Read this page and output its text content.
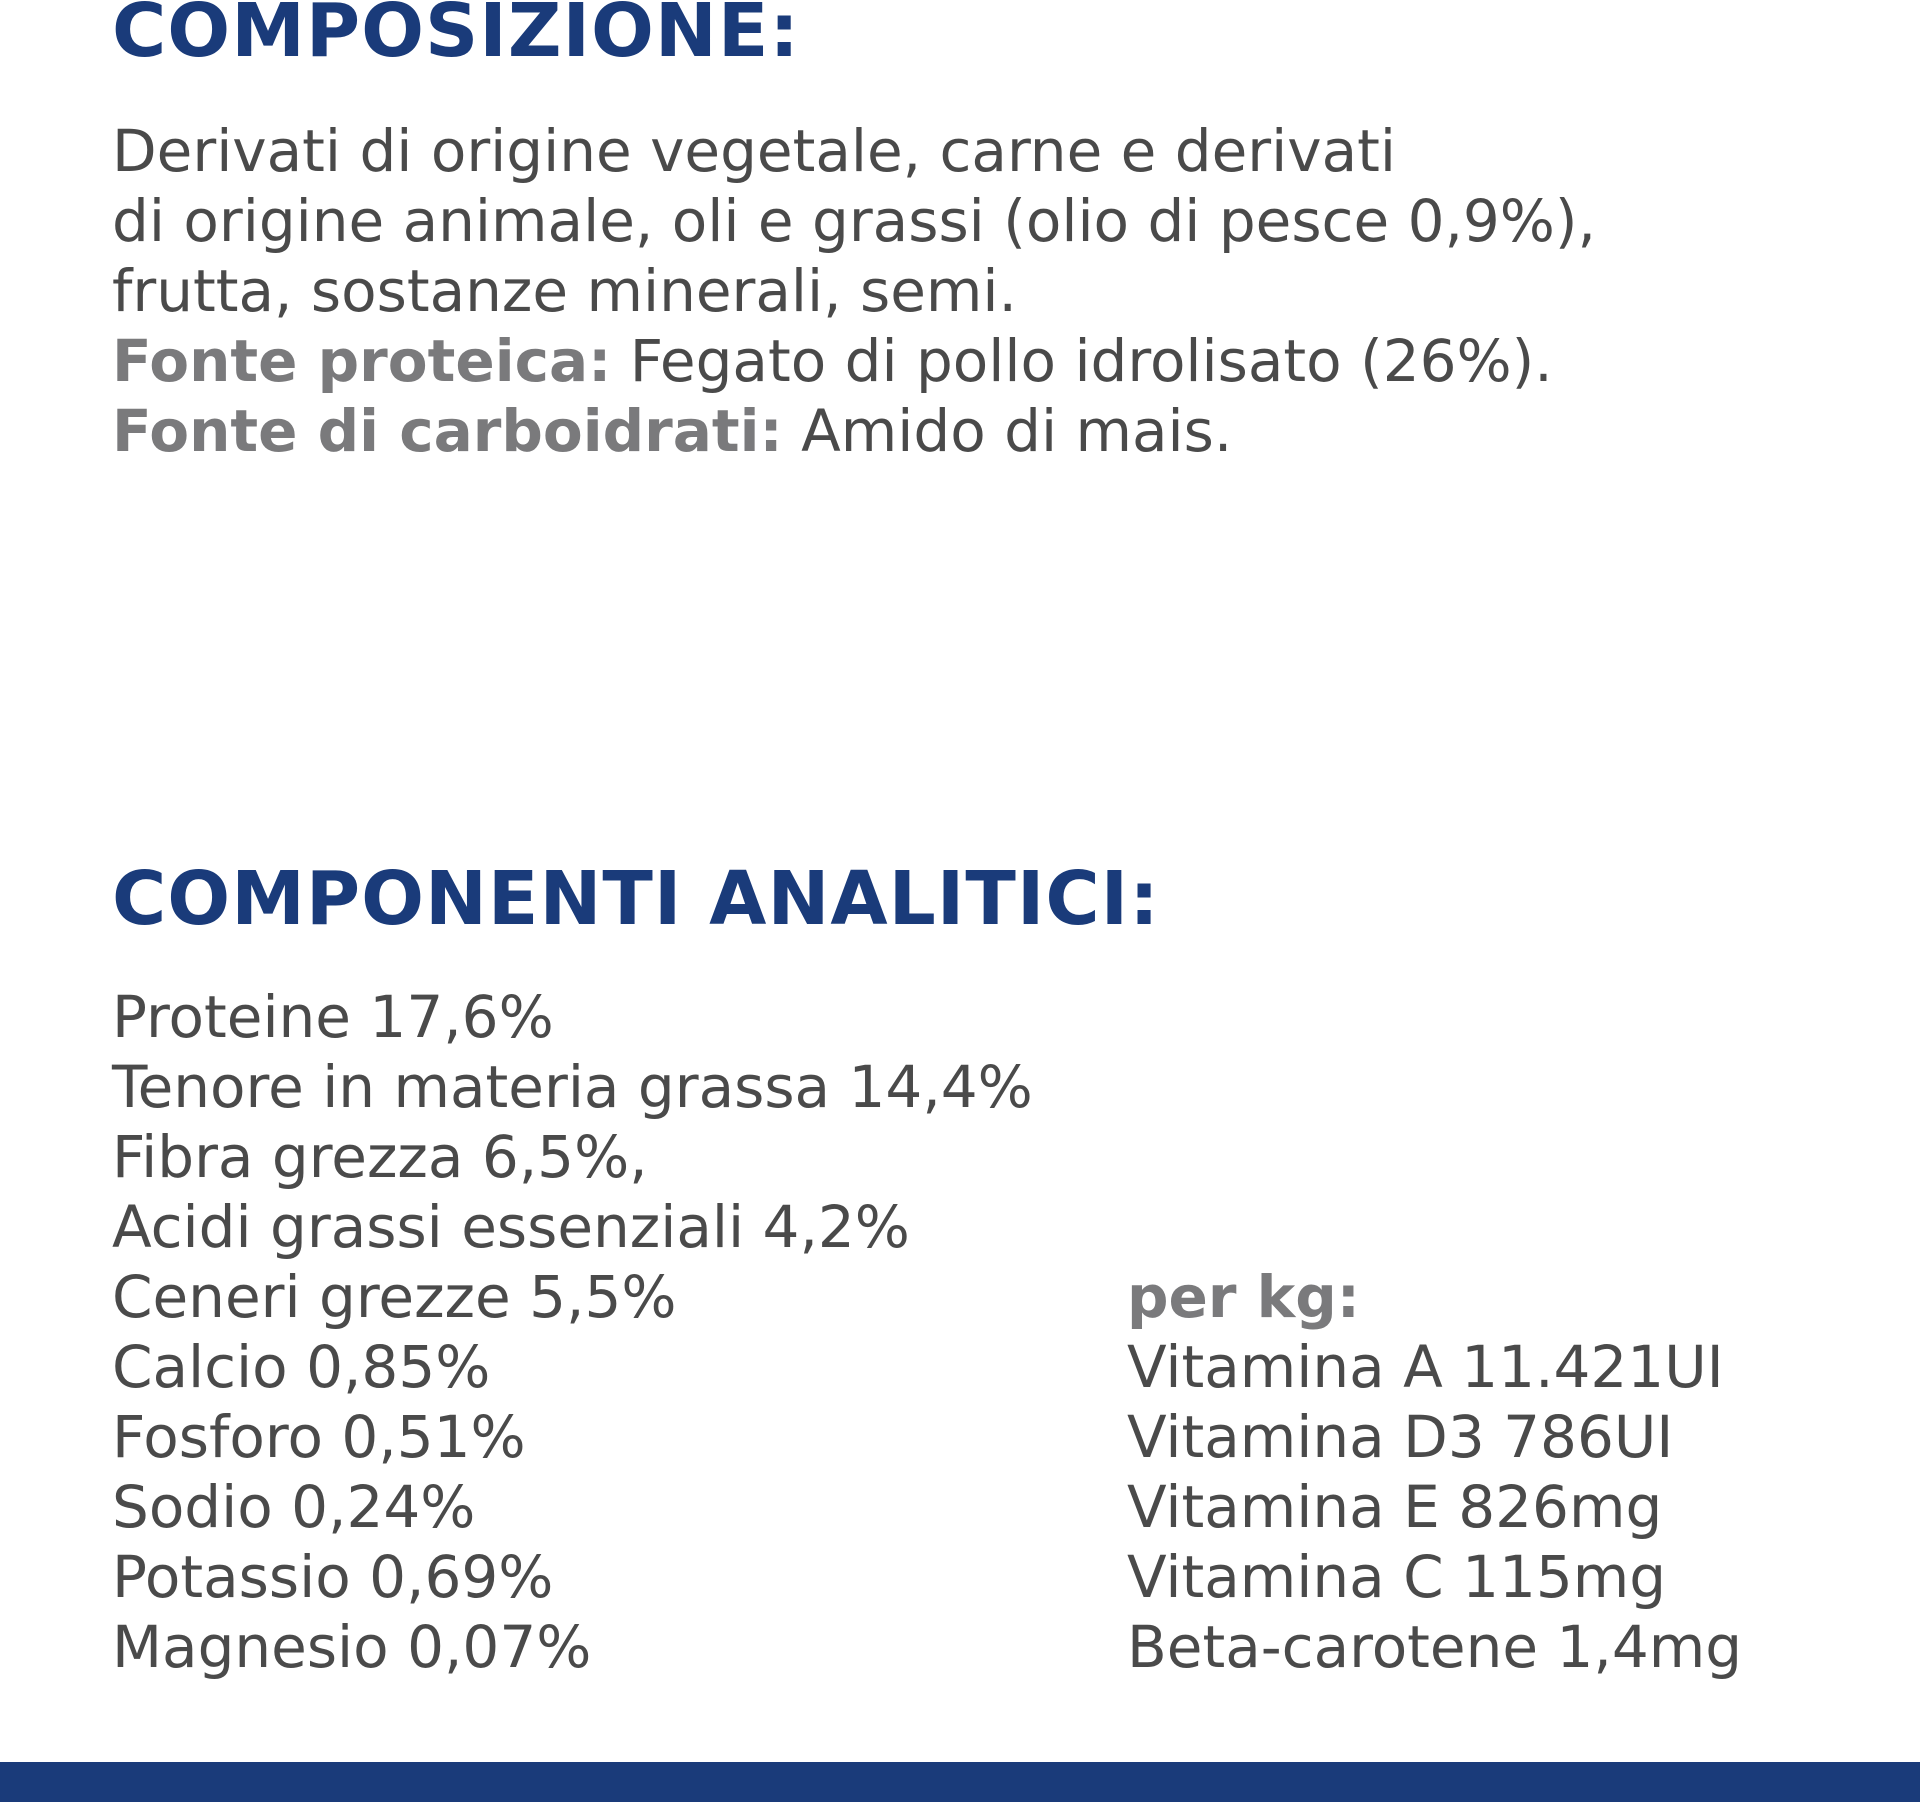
COMPOSIZIONE:
Derivati di origine vegetale, carne e derivati
di origine animale, oli e grassi (olio di pesce 0,9%),
frutta, sostanze minerali, semi.
Fonte proteica: Fegato di pollo idrolisato (26%).
Fonte di carboidrati: Amido di mais.
COMPONENTI ANALITICI:
Proteine 17,6%
Tenore in materia grassa 14,4%
Fibra grezza 6,5%,
Acidi grassi essenziali 4,2%
Ceneri grezze 5,5%
Calcio 0,85%
Fosforo 0,51%
Sodio 0,24%
Potassio 0,69%
Magnesio 0,07%
per kg:
Vitamina A 11.421UI
Vitamina D3 786UI
Vitamina E 826mg
Vitamina C 115mg
Beta-carotene 1,4mg
